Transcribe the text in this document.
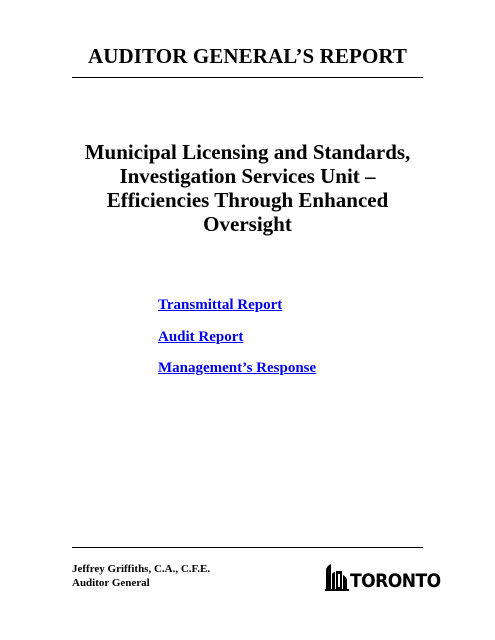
AUDITOR GENERAL’S REPORT
Municipal Licensing and Standards,
Investigation Services Unit –
Efficiencies Through Enhanced
Oversight
Transmittal Report
Audit Report
Management’s Response
Jeffrey Griffiths, C.A., C.F.E.
Auditor General	TORONTO
